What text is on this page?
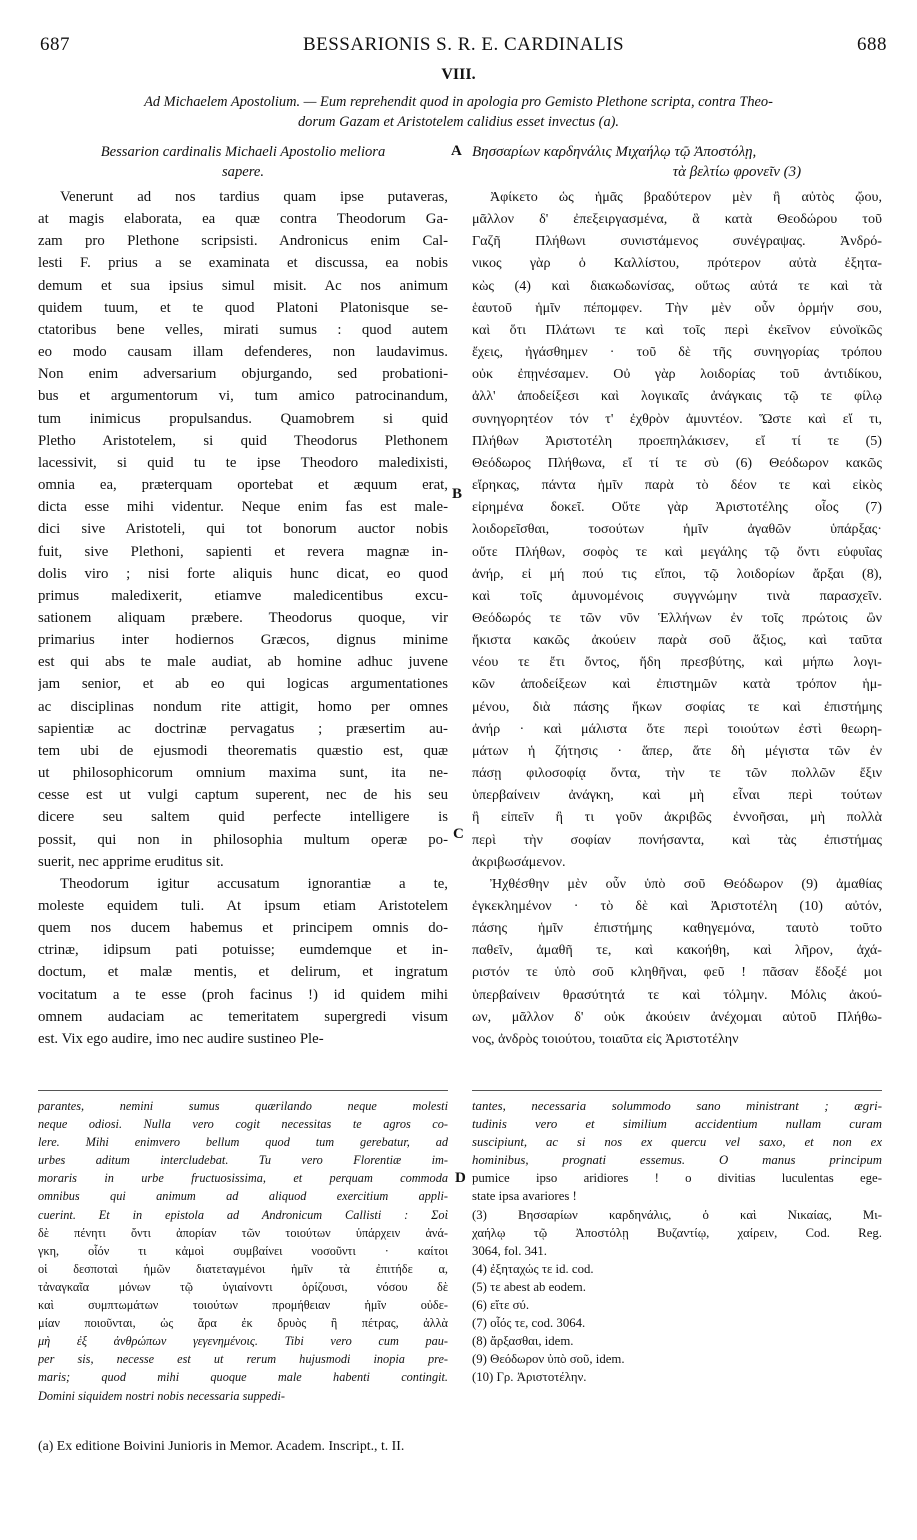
687	BESSARIONIS S. R. E. CARDINALIS	688
VIII.
Ad Michaelem Apostolium. — Eum reprehendit quod in apologia pro Gemisto Plethone scripta, contra Theo-
dorum Gazam et Aristotelem calidius esset invectus (a).
Bessarion cardinalis Michaeli Apostolio meliora
sapere.
Venerunt ad nos tardius quam ipse putaveras,
at magis elaborata, ea quæ contra Theodorum Ga-
zam pro Plethone scripsisti. Andronicus enim Cal-
lesti F. prius a se examinata et discussa, ea nobis
demum et sua ipsius simul misit. Ac nos animum
quidem tuum, et te quod Platoni Platonisque se-
ctatoribus bene velles, mirati sumus : quod autem
eo modo causam illam defenderes, non laudavimus.
Non enim adversarium objurgando, sed probationi-
bus et argumentorum vi, tum amico patrocinandum,
tum inimicus propulsandus. Quamobrem si quid
Pletho Aristotelem, si quid Theodorus Plethonem
lacessivit, si quid tu te ipse Theodoro maledixisti,
omnia ea, præterquam oportebat et æquum erat,
dicta esse mihi videntur. Neque enim fas est male-
dici sive Aristoteli, qui tot bonorum auctor nobis
fuit, sive Plethoni, sapienti et revera magnæ in-
dolis viro ; nisi forte aliquis hunc dicat, eo quod
primus maledixerit, etiamve maledicentibus excu-
sationem aliquam præbere. Theodorus quoque, vir
primarius inter hodiernos Græcos, dignus minime
est qui abs te male audiat, ab homine adhuc juvene
jam senior, et ab eo qui logicas argumentationes
ac disciplinas nondum rite attigit, homo per omnes
sapientiæ ac doctrinæ pervagatus ; præsertim au-
tem ubi de ejusmodi theorematis quæstio est, quæ
ut philosophicorum omnium maxima sunt, ita ne-
cesse est ut vulgi captum superent, nec de his seu
dicere seu saltem quid perfecte intelligere is
possit, qui non in philosophia multum operæ po-
suerit, nec apprime eruditus sit.
Theodorum igitur accusatum ignorantiæ a te,
moleste equidem tuli. At ipsum etiam Aristotelem
quem nos ducem habemus et principem omnis do-
ctrinæ, idipsum pati potuisse; eumdemque et in-
doctum, et malæ mentis, et delirum, et ingratum
vocitatum a te esse (proh facinus !) id quidem mihi
omnem audaciam ac temeritatem supergredi visum
est. Vix ego audire, imo nec audire sustineo Ple-
Βησσαρίων καρδηνάλις Μιχαήλῳ τῷ Ἀποστόλῃ,
τὰ βελτίω φρονεῖν (3)
Ἀφίκετο ὡς ἡμᾶς βραδύτερον μὲν ἢ αὐτὸς ᾤου,
μᾶλλον δ' ἐπεξειργασμένα, ἃ κατὰ Θεοδώρου τοῦ
Γαζῆ Πλήθωνι συνιστάμενος συνέγραψας. Ἀνδρό-
νικος γὰρ ὁ Καλλίστου, πρότερον αὐτὰ ἐξητα-
κὼς (4) καὶ διακωδωνίσας, οὕτως αὐτά τε καὶ τὰ
ἑαυτοῦ ἡμῖν πέπομφεν. Τὴν μὲν οὖν ὁρμήν σου,
καὶ ὅτι Πλάτωνι τε καὶ τοῖς περὶ ἐκεῖνον εὐνοϊκῶς
ἔχεις, ἠγάσθημεν · τοῦ δὲ τῆς συνηγορίας τρόπου
οὐκ ἐπῃνέσαμεν. Οὐ γὰρ λοιδορίας τοῦ ἀντιδίκου,
ἀλλ' ἀποδείξεσι καὶ λογικαῖς ἀνάγκαις τῷ τε φίλῳ
συνηγορητέον τόν τ' ἐχθρὸν ἀμυντέον. Ὥστε καὶ εἴ τι,
Πλήθων Ἀριστοτέλη προεπηλάκισεν, εἴ τί τε (5)
Θεόδωρος Πλήθωνα, εἴ τί τε σὺ (6) Θεόδωρον κακῶς
εἴρηκας, πάντα ἡμῖν παρὰ τὸ δέον τε καὶ εἰκὸς
εἰρημένα δοκεῖ. Οὔτε γὰρ Ἀριστοτέλης οἷος (7)
λοιδορεῖσθαι, τοσούτων ἡμῖν ἀγαθῶν ὑπάρξας·
οὔτε Πλήθων, σοφὸς τε καὶ μεγάλης τῷ ὄντι εὐφυΐας
ἀνήρ, εἰ μή πού τις εἴποι, τῷ λοιδορίων ἄρξαι (8),
καὶ τοῖς ἀμυνομένοις συγγνώμην τινὰ παρασχεῖν.
Θεόδωρός τε τῶν νῦν Ἑλλήνων ἐν τοῖς πρώτοις ὢν
ἥκιστα κακῶς ἀκούειν παρὰ σοῦ ἄξιος, καὶ ταῦτα
νέου τε ἔτι ὄντος, ἤδη πρεσβύτης, καὶ μήπω λογι-
κῶν ἀποδείξεων καὶ ἐπιστημῶν κατὰ τρόπον ἡμ-
μένου, διὰ πάσης ἥκων σοφίας τε καὶ ἐπιστήμης
ἀνήρ · καὶ μάλιστα ὅτε περὶ τοιούτων ἐστὶ θεωρη-
μάτων ἡ ζήτησις · ἅπερ, ἅτε δὴ μέγιστα τῶν ἐν
πάσῃ φιλοσοφίᾳ ὄντα, τὴν τε τῶν πολλῶν ἔξιν
ὑπερβαίνειν ἀνάγκη, καὶ μὴ εἶναι περὶ τούτων
ἢ εἰπεῖν ἢ τι γοῦν ἀκριβῶς ἐννοῆσαι, μὴ πολλὰ
περὶ τὴν σοφίαν πονήσαντα, καὶ τὰς ἐπιστήμας
ἀκριβωσάμενον.
Ἠχθέσθην μὲν οὖν ὑπὸ σοῦ Θεόδωρον (9) ἀμαθίας
ἐγκεκλημένον · τὸ δὲ καὶ Ἀριστοτέλη (10) αὐτόν,
πάσης ἡμῖν ἐπιστήμης καθηγεμόνα, ταυτὸ τοῦτο
παθεῖν, ἀμαθῆ τε, καὶ κακοήθη, καὶ λῆρον, ἀχά-
ριστόν τε ὑπὸ σοῦ κληθῆναι, φεῦ ! πᾶσαν ἔδοξέ μοι
ὑπερβαίνειν θρασύτητά τε καὶ τόλμην. Μόλις ἀκού-
ων, μᾶλλον δ' οὐκ ἀκούειν ἀνέχομαι αὐτοῦ Πλήθω-
νος, ἀνδρὸς τοιούτου, τοιαῦτα εἰς Ἀριστοτέλην
A
B
C
D
parantes, nemini sumus quærilando neque molesti
neque odiosi. Nulla vero cogit necessitas te agros co-
lere. Mihi enimvero bellum quod tum gerebatur, ad
urbes aditum intercludebat. Tu vero Florentiæ im-
moraris in urbe fructuosissima, et perquam commoda
omnibus qui animum ad aliquod exercitium appli-
cuerint. Et in epistola ad Andronicum Callisti : Σοὶ
δὲ πένητι ὄντι ἀπορίαν τῶν τοιούτων ὑπάρχειν ἀνά-
γκη, οἷόν τι κἀμοὶ συμβαίνει νοσοῦντι · καίτοι
οἱ δεσποταὶ ἡμῶν διατεταγμένοι ἡμῖν τὰ ἐπιτήδε α,
τἀναγκαῖα μόνων τῷ ὑγιαίνοντι ὁρίζουσι, νόσου δὲ
καὶ συμπτωμάτων τοιούτων προμήθειαν ἡμῖν οὐδε-
μίαν ποιοῦνται, ὡς ἄρα ἐκ δρυὸς ἢ πέτρας, ἀλλὰ
μὴ ἐξ ἀνθρώπων γεγενημένοις. Tibi vero cum pau-
per sis, necesse est ut rerum hujusmodi inopia pre-
maris; quod mihi quoque male habenti contingit.
Domini siquidem nostri nobis necessaria suppedi-
tantes, necessaria solummodo sano ministrant ; ægri-
tudinis vero et similium accidentium nullam curam
suscipiunt, ac si nos ex quercu vel saxo, et non ex
hominibus, prognati essemus. O manus principum
pumice ipso aridiores ! o divitias luculentas ege-
state ipsa avariores !
(3) Βησσαρίων καρδηνάλις, ὁ καὶ Νικαίας, Μι-
χαήλῳ τῷ Ἀποστόλῃ Βυζαντίῳ, χαίρειν, Cod. Reg.
3064, fol. 341.
(4) ἐξηταχώς τε id. cod.
(5) τε abest ab eodem.
(6) εἴτε σύ.
(7) οἷός τε, cod. 3064.
(8) ἄρξασθαι, idem.
(9) Θεόδωρον ὑπὸ σοῦ, idem.
(10) Γρ. Ἀριστοτέλην.
(a) Ex editione Boivini Junioris in Memor. Academ. Inscript., t. II.
